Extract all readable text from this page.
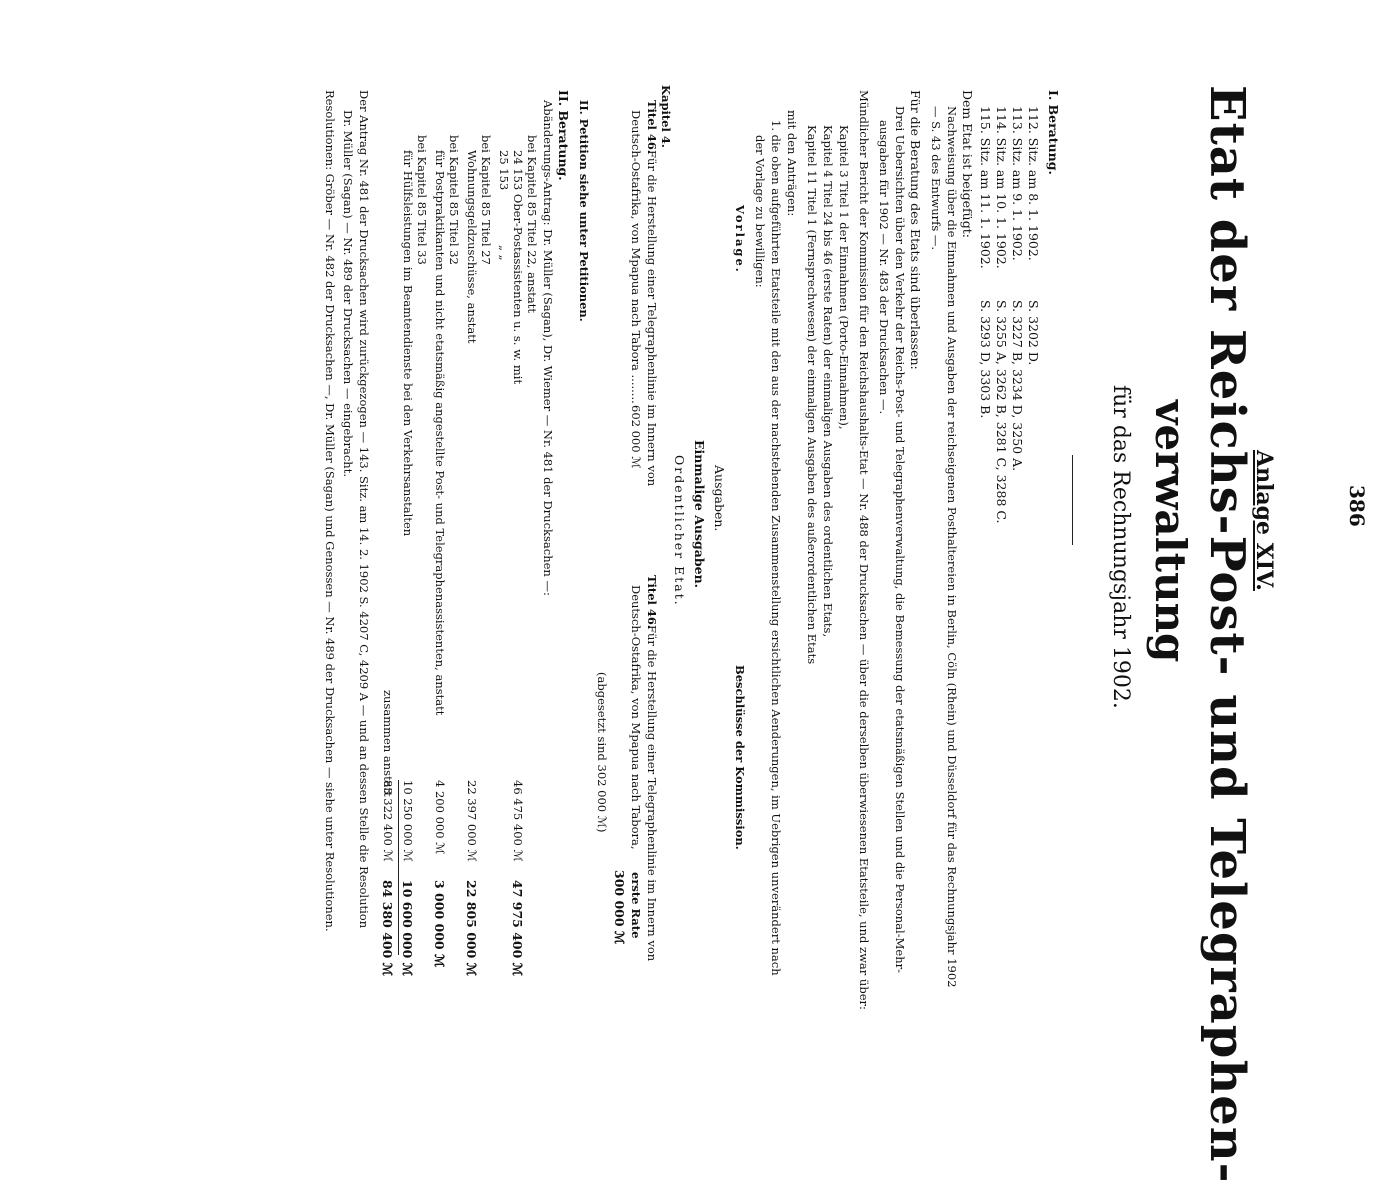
386
Anlage XIV.
Etat der Reichs-Post- und Telegraphen-
verwaltung
für das Rechnungsjahr 1902.
I. Beratung.
112. Sitz. am 8. 1. 1902.
S. 3202 D.
113. Sitz. am 9. 1. 1902.
S. 3227 B, 3234 D, 3250 A.
114. Sitz. am 10. 1. 1902.
S. 3255 A, 3262 B, 3281 C, 3288 C.
115. Sitz. am 11. 1. 1902.
S. 3293 D, 3303 B.
Dem Etat ist beigefügt:
Nachweisung über die Einnahmen und Ausgaben der reichseigenen Posthaltereien in Berlin, Cöln (Rhein) und Düsseldorf für das Rechnungsjahr 1902
— S. 43 des Entwurfs —.
Für die Beratung des Etats sind überlassen:
Drei Uebersichten über den Verkehr der Reichs-Post- und Telegraphenverwaltung, die Bemessung der etatsmäßigen Stellen und die Personal-Mehr-
ausgaben für 1902 — Nr. 483 der Drucksachen —.
Mündlicher Bericht der Kommission für den Reichshaushalts-Etat — Nr. 488 der Drucksachen — über die derselben überwiesenen Etatsteile, und zwar über:
Kapitel 3 Titel 1 der Einnahmen (Porto-Einnahmen),
Kapitel 4 Titel 24 bis 46 (erste Raten) der einmaligen Ausgaben des ordentlichen Etats,
Kapitel 11 Titel 1 (Fernsprechwesen) der einmaligen Ausgaben des außerordentlichen Etats
mit den Anträgen:
1. die oben aufgeführten Etatsteile mit den aus der nachstehenden Zusammenstellung ersichtlichen Aenderungen, im Uebrigen unverändert nach
der Vorlage zu bewilligen:
Vorlage.
Beschlüsse der Kommission.
Ausgaben.
Einmalige Ausgaben.
Ordentlicher Etat.
Kapitel 4.
Titel 46.
Für die Herstellung einer Telegraphenlinie im Innern von
Deutsch-Ostafrika, von Mpapua nach Tabora ........
602 000 ℳ
Titel 46.
Für die Herstellung einer Telegraphenlinie im Innern von
Deutsch-Ostafrika, von Mpapua nach Tabora,
erste Rate
300 000 ℳ
(abgesetzt sind 302 000 ℳ)
II. Petition siehe unter Petitionen.
II. Beratung.
Abänderungs-Antrag: Dr. Müller (Sagan), Dr. Wiemer — Nr. 481 der Drucksachen —:
bei Kapitel 85 Titel 22, anstatt
24 153 Ober-Postassistenten u. s. w. mit
46 475 400 ℳ
47 975 400 ℳ
25 153
„ „
bei Kapitel 85 Titel 27
Wohnungsgeldzuschüsse, anstatt
22 397 000 ℳ
22 805 000 ℳ
bei Kapitel 85 Titel 32
für Postpraktikanten und nicht etatsmäßig angestellte Post- und Telegraphenassistenten, anstatt
4 200 000 ℳ
3 000 000 ℳ
bei Kapitel 85 Titel 33
für Hülfsleistungen im Beamtendienste bei den Verkehrsanstalten
10 250 000 ℳ
10 600 000 ℳ
zusammen anstatt
83 322 400 ℳ
84 380 400 ℳ
Der Antrag Nr. 481 der Drucksachen wird zurückgezogen — 143. Sitz. am 14. 2. 1902 S. 4207 C, 4209 A — und an dessen Stelle die Resolution
Dr. Müller (Sagan) — Nr. 489 der Drucksachen — eingebracht.
Resolutionen: Gröber — Nr. 482 der Drucksachen —, Dr. Müller (Sagan) und Genossen — Nr. 489 der Drucksachen — siehe unter Resolutionen.
